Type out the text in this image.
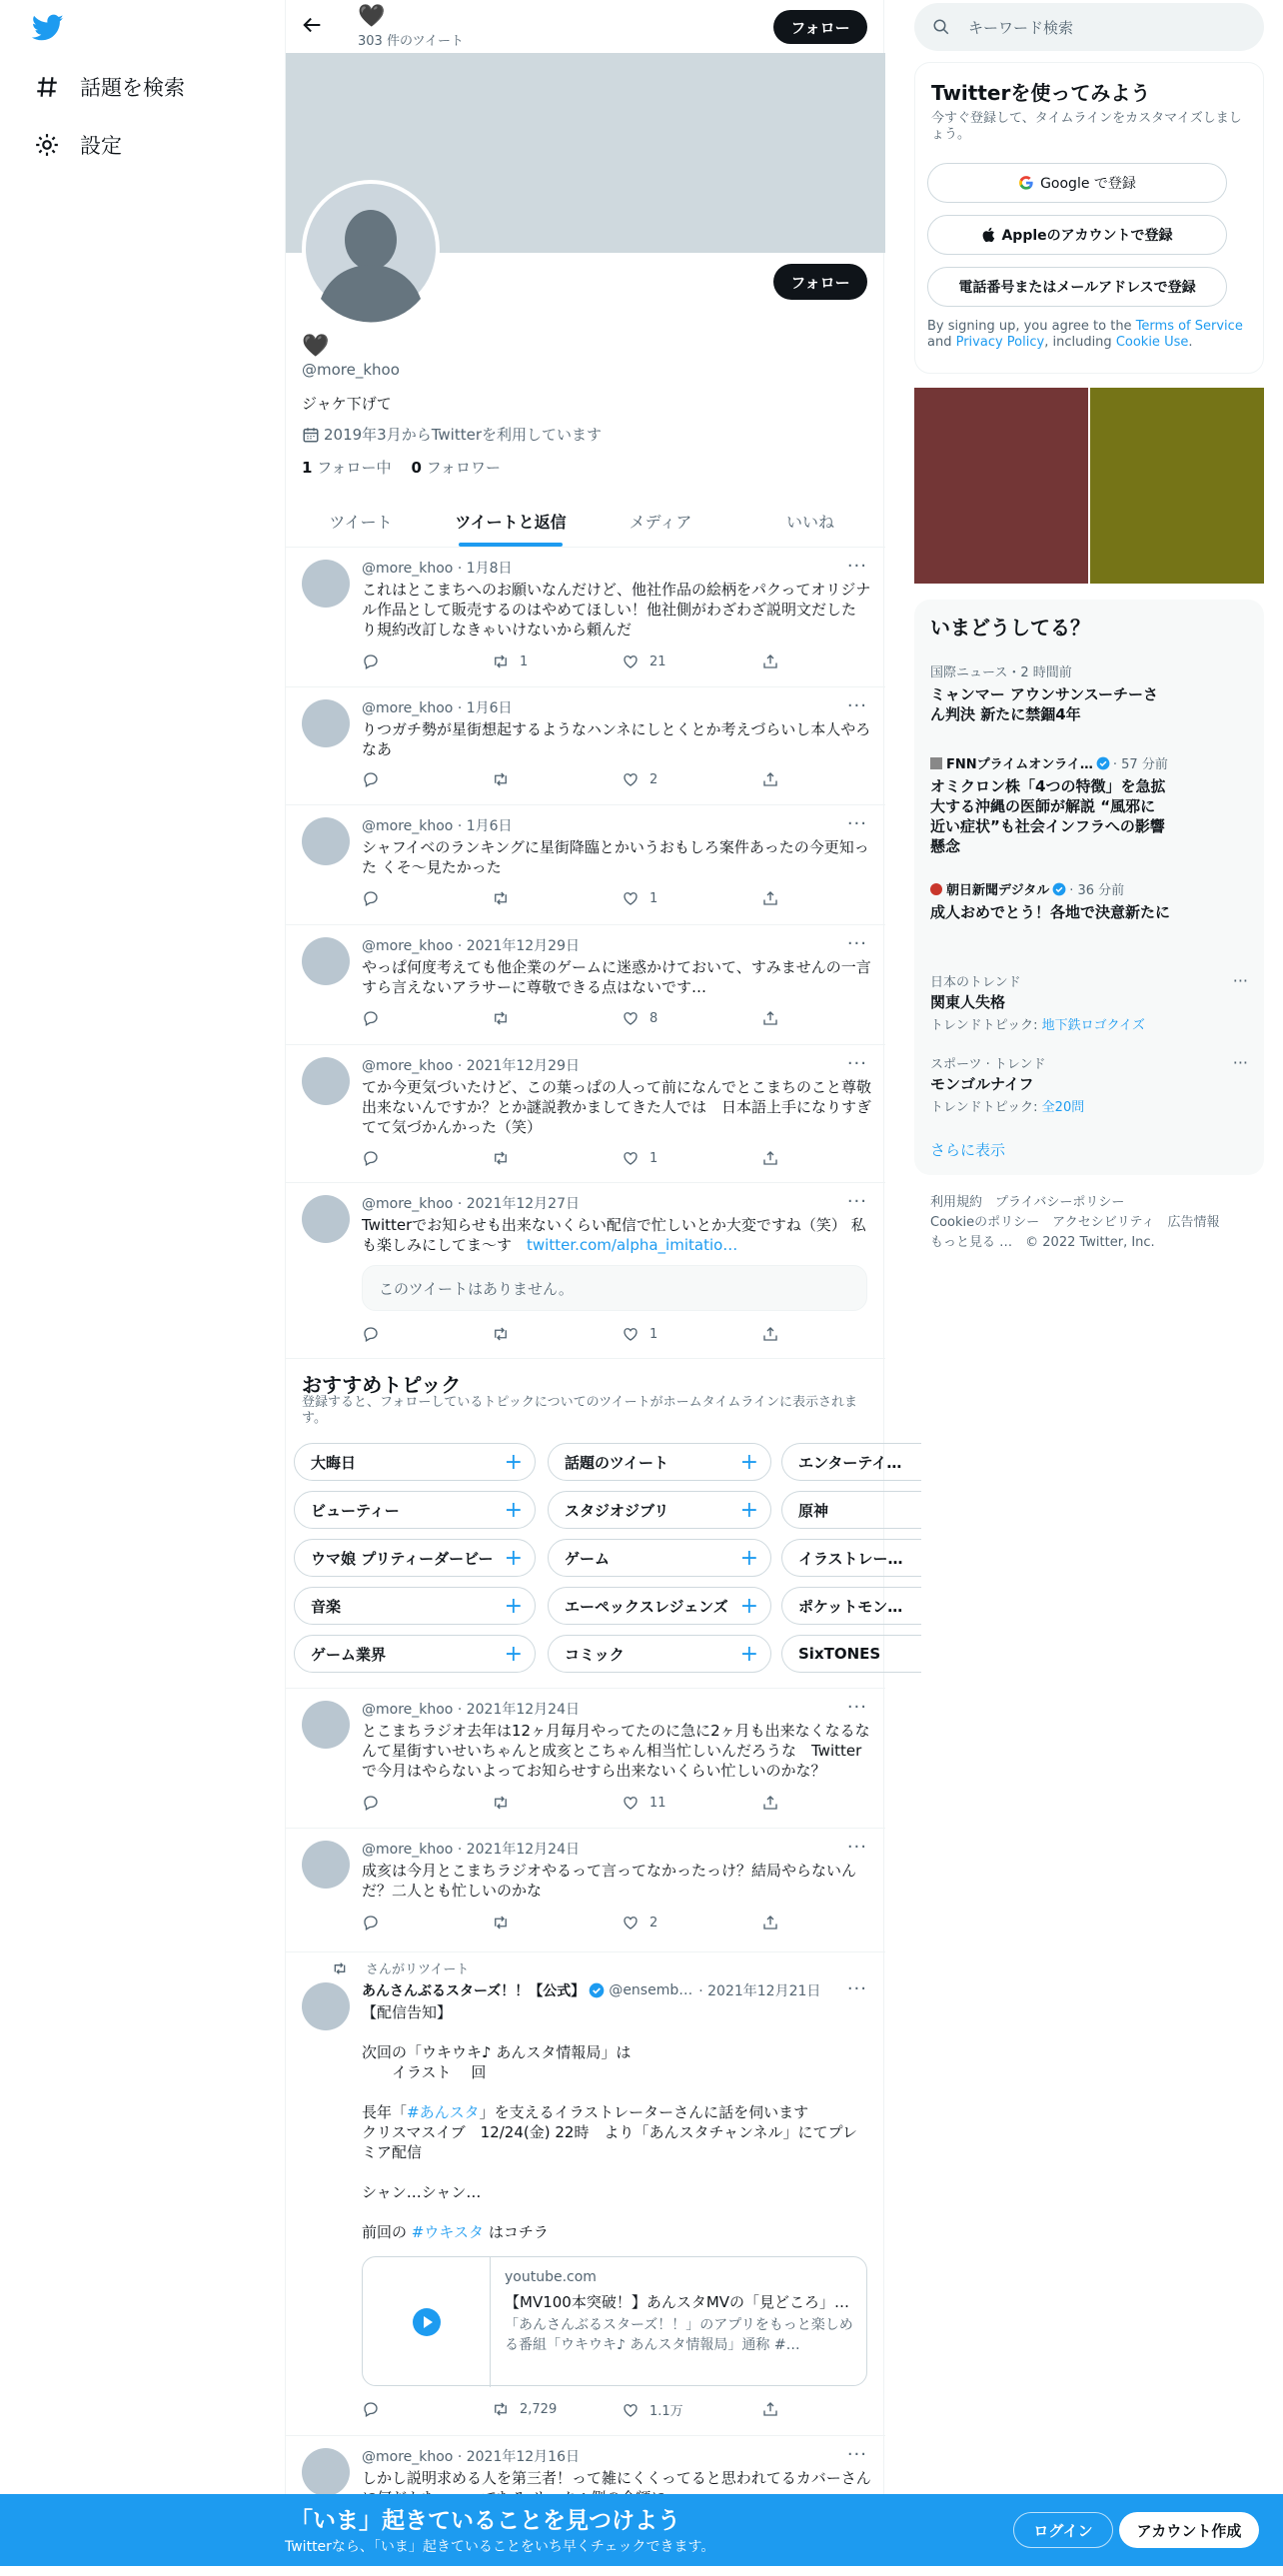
話題を検索
設定
🖤
303 件のツイート
フォロー
フォロー
🖤
@more_khoo
ジャケ下げて
2019年3月からTwitterを利用しています
1 フォロー中 0 フォロワー
ツイート	ツイートと返信	メディア	いいね
@more_khoo · 1月8日	···
これはとこまちへのお願いなんだけど、他社作品の絵柄をパクってオリジナル作品として販売するのはやめてほしい！他社側がわざわざ説明文だしたり規約改訂しなきゃいけないから頼んだ
1	21
@more_khoo · 1月6日	···
りつガチ勢が星街想起するようなハンネにしとくとか考えづらいし本人やろなあ
2
@more_khoo · 1月6日	···
シャフイベのランキングに星街降臨とかいうおもしろ案件あったの今更知った くそ～見たかった
1
@more_khoo · 2021年12月29日	···
やっぱ何度考えても他企業のゲームに迷惑かけておいて、すみませんの一言すら言えないアラサーに尊敬できる点はないです…
8
@more_khoo · 2021年12月29日	···
てか今更気づいたけど、この葉っぱの人って前になんでとこまちのこと尊敬出来ないんですか？とか謎説教かましてきた人では　日本語上手になりすぎてて気づかんかった（笑）
1
@more_khoo · 2021年12月27日	···
Twitterでお知らせも出来ないくらい配信で忙しいとか大変ですね（笑） 私も楽しみにしてま～す　twitter.com/alpha_imitatio…
このツイートはありません。
1
おすすめトピック
登録すると、フォローしているトピックについてのツイートがホームタイムラインに表示されます。
大晦日	+	話題のツイート	+	エンターテイ…
ビューティー	+	スタジオジブリ	+	原神
ウマ娘 プリティーダービー +	ゲーム	+	イラストレー…
音楽	+	エーペックスレジェンズ +	ポケットモン…
ゲーム業界	+	コミック	+	SixTONES
@more_khoo · 2021年12月24日	···
とこまちラジオ去年は12ヶ月毎月やってたのに急に2ヶ月も出来なくなるなんて星街すいせいちゃんと成亥とこちゃん相当忙しいんだろうな　Twitterで今月はやらないよってお知らせすら出来ないくらい忙しいのかな？
11
@more_khoo · 2021年12月24日	···
成亥は今月とこまちラジオやるって言ってなかったっけ？結局やらないんだ？二人とも忙しいのかな
2
さんがリツイート
あんさんぶるスターズ！！【公式】 @ensemb… · 2021年12月21日 ···
【配信告知】
次回の「ウキウキ♪ あんスタ情報局」は
　　イラスト　 回
長年「#あんスタ」を支えるイラストレーターさんに話を伺います
クリスマスイブ　12/24(金) 22時　より「あんスタチャンネル」にてプレミア配信
シャン…シャン…
前回の #ウキスタ はコチラ
youtube.com
【MV100本突破！】あんスタMVの「見どころ」…
「あんさんぶるスターズ！！」のアプリをもっと楽しめる番組「ウキウキ♪ あんスタ情報局」通称 #…
2,729	1.1万
@more_khoo · 2021年12月16日	···
しかし説明求める人を第三者！って雑にくくってると思われてるカバーさん
キーワード検索
Twitterを使ってみよう
今すぐ登録して、タイムラインをカスタマイズしましょう。
Google で登録
Appleのアカウントで登録
電話番号またはメールアドレスで登録
By signing up, you agree to the Terms of Service and Privacy Policy, including Cookie Use.
いまどうしてる？
国際ニュース・2 時間前
ミャンマー アウンサンスーチーさん判決 新たに禁錮4年
FNNプライムオンライ… · 57 分前
オミクロン株「4つの特徴」を急拡大する沖縄の医師が解説 “風邪に近い症状”も社会インフラへの影響懸念
朝日新聞デジタル · 36 分前
成人おめでとう！各地で決意新たに
日本のトレンド
関東人失格
トレンドトピック: 地下鉄ロゴクイズ
···
スポーツ · トレンド
モンゴルナイフ
トレンドトピック: 全20問
···
さらに表示
利用規約　 プライバシーポリシー
Cookieのポリシー　 アクセシビリティ　 広告情報
もっと見る …　 © 2022 Twitter, Inc.
「いま」起きていることを見つけよう
Twitterなら、「いま」起きていることをいち早くチェックできます。
ログイン	アカウント作成
